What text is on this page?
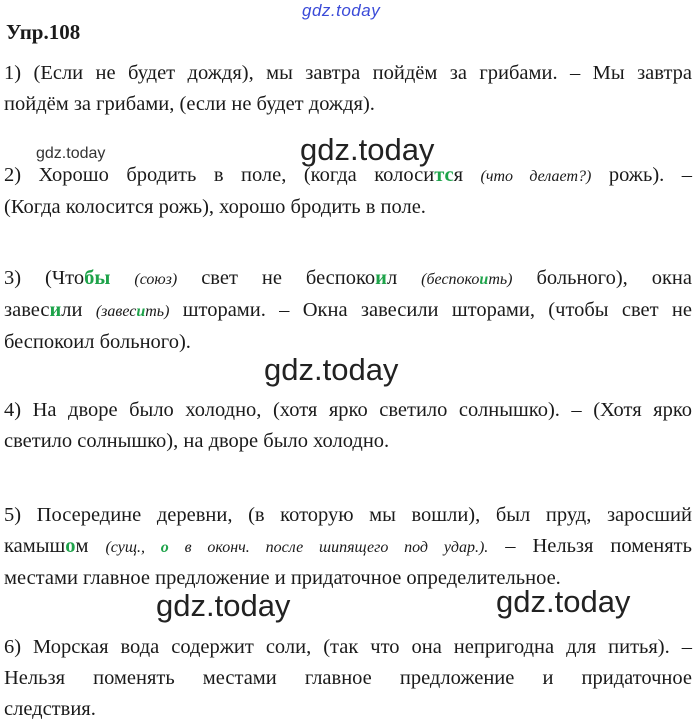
gdz.today
gdz.today	gdz.today
gdz.today
gdz.today	gdz.today
Упр.108
1) (Если не будет дождя), мы завтра пойдём за грибами. – Мы завтра
пойдём за грибами, (если не будет дождя).
2) Хорошо бродить в поле, (когда колосится (что делает?) рожь). –
(Когда колосится рожь), хорошо бродить в поле.
3) (Чтобы (союз) свет не беспокоил (беспокоить) больного), окна
завесили (завесить) шторами. – Окна завесили шторами, (чтобы свет не
беспокоил больного).
4) На дворе было холодно, (хотя ярко светило солнышко). – (Хотя ярко
светило солнышко), на дворе было холодно.
5) Посередине деревни, (в которую мы вошли), был пруд, заросший
камышом (сущ., о в оконч. после шипящего под удар.). – Нельзя поменять
местами главное предложение и придаточное определительное.
6) Морская вода содержит соли, (так что она непригодна для питья). –
Нельзя поменять местами главное предложение и придаточное
следствия.
